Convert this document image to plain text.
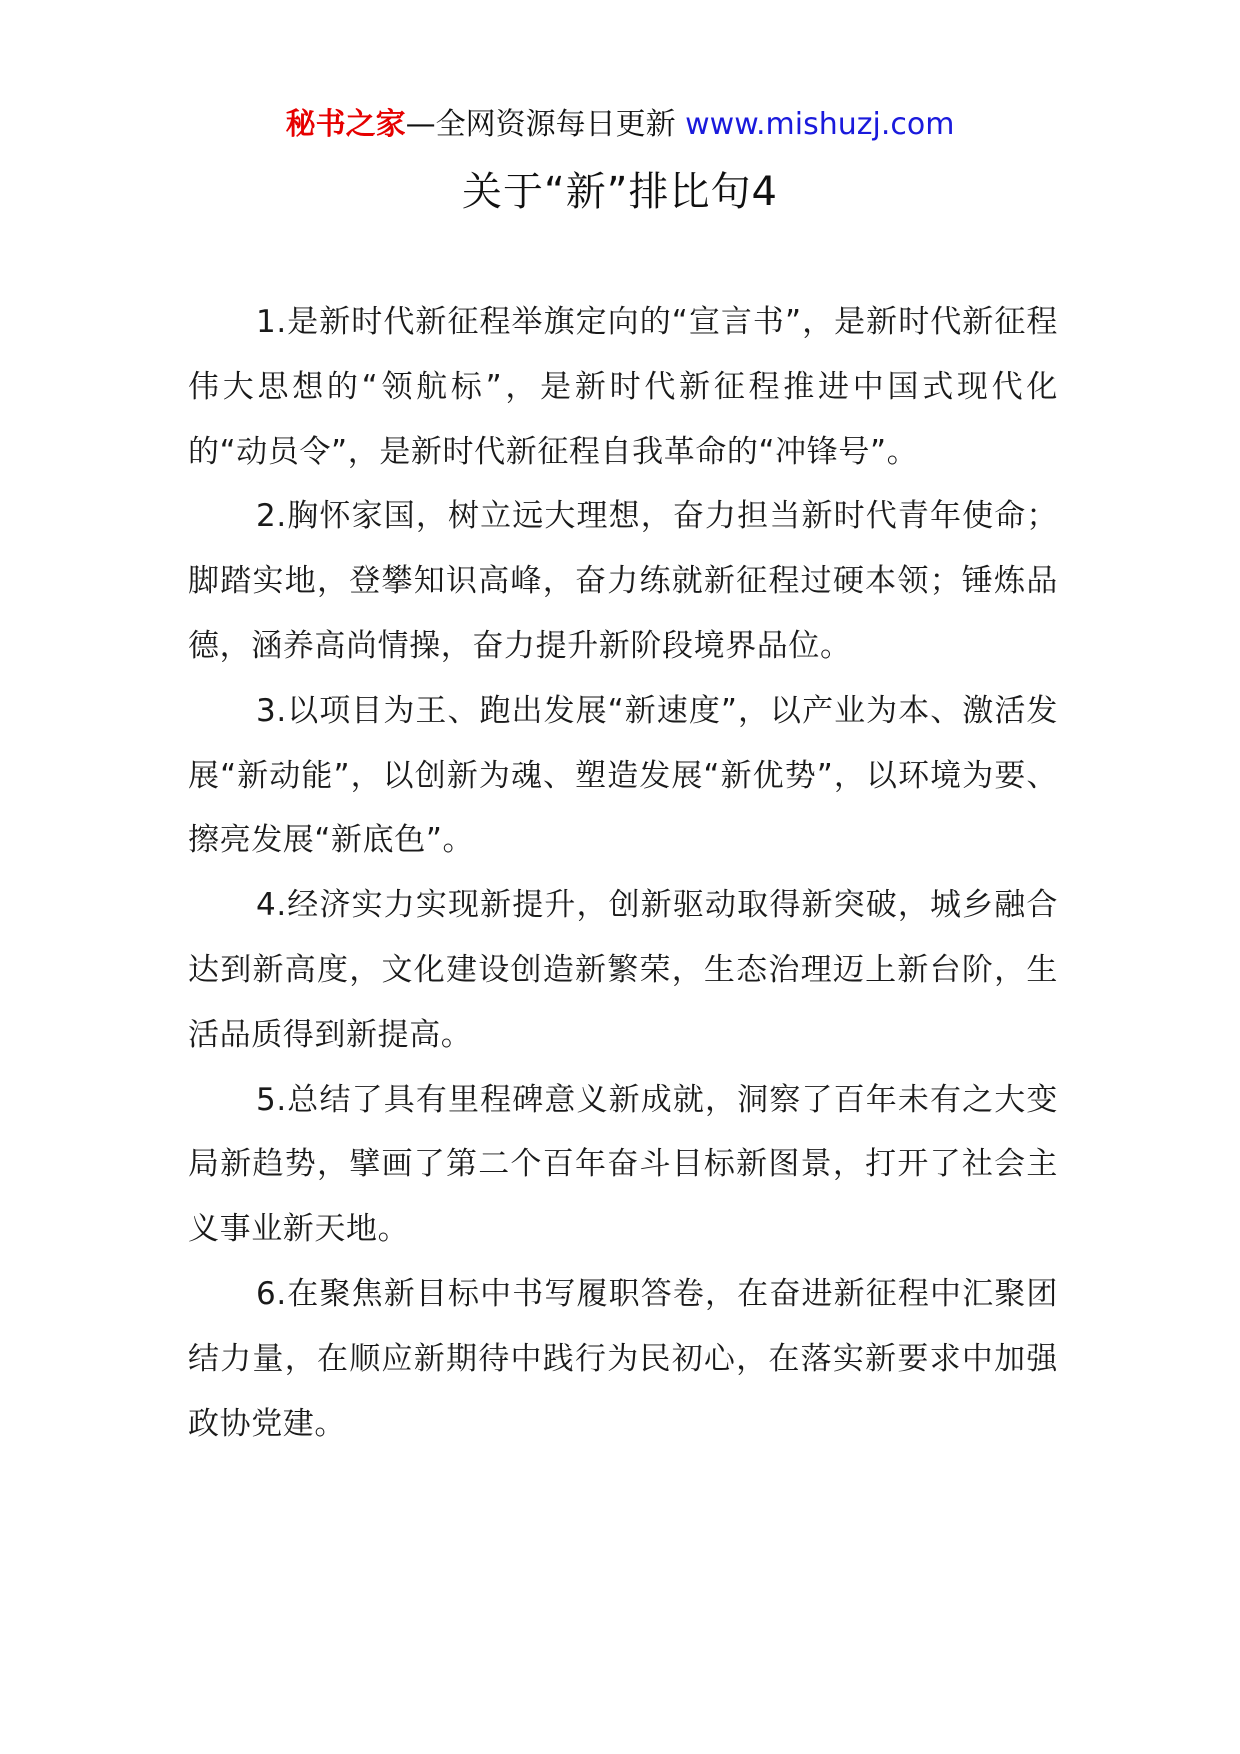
秘书之家—全网资源每日更新 www.mishuzj.com
关于“新”排比句4

1.是新时代新征程举旗定向的“宣言书”，是新时代新征程伟大思想的“领航标”，是新时代新征程推进中国式现代化的“动员令”，是新时代新征程自我革命的“冲锋号”。

2.胸怀家国，树立远大理想，奋力担当新时代青年使命；脚踏实地，登攀知识高峰，奋力练就新征程过硬本领；锤炼品德，涵养高尚情操，奋力提升新阶段境界品位。

3.以项目为王、跑出发展“新速度”，以产业为本、激活发展“新动能”，以创新为魂、塑造发展“新优势”，以环境为要、擦亮发展“新底色”。

4.经济实力实现新提升，创新驱动取得新突破，城乡融合达到新高度，文化建设创造新繁荣，生态治理迈上新台阶，生活品质得到新提高。

5.总结了具有里程碑意义新成就，洞察了百年未有之大变局新趋势，擘画了第二个百年奋斗目标新图景，打开了社会主义事业新天地。

6.在聚焦新目标中书写履职答卷，在奋进新征程中汇聚团结力量，在顺应新期待中践行为民初心，在落实新要求中加强政协党建。
